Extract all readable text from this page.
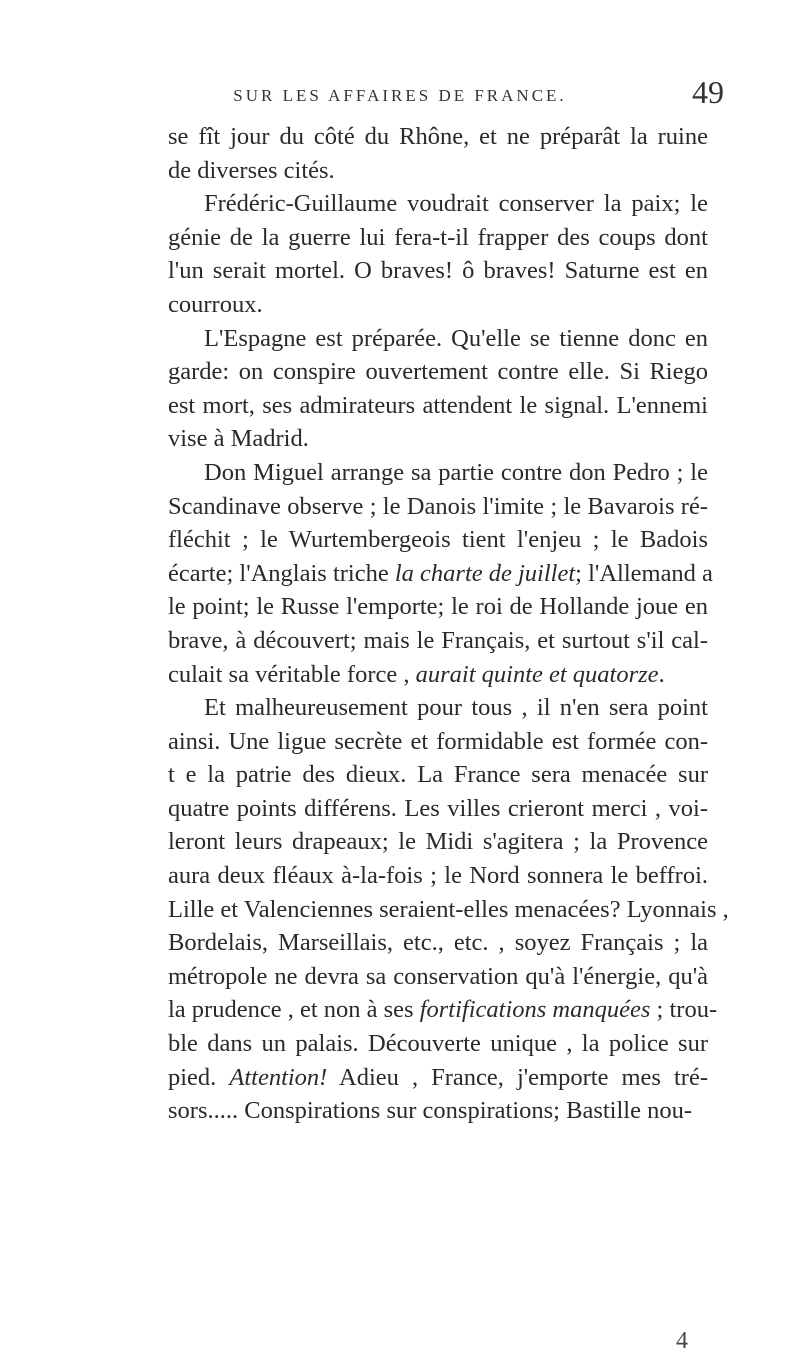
SUR LES AFFAIRES DE FRANCE.	49
se fît jour du côté du Rhône, et ne préparât la ruine
de diverses cités.
Frédéric-Guillaume voudrait conserver la paix; le
génie de la guerre lui fera-t-il frapper des coups dont
l'un serait mortel. O braves! ô braves! Saturne est en
courroux.
L'Espagne est préparée. Qu'elle se tienne donc en
garde: on conspire ouvertement contre elle. Si Riego
est mort, ses admirateurs attendent le signal. L'ennemi
vise à Madrid.
Don Miguel arrange sa partie contre don Pedro ; le
Scandinave observe ; le Danois l'imite ; le Bavarois ré-
fléchit ; le Wurtembergeois tient l'enjeu ; le Badois
écarte; l'Anglais triche la charte de juillet; l'Allemand a
le point; le Russe l'emporte; le roi de Hollande joue en
brave, à découvert; mais le Français, et surtout s'il cal-
culait sa véritable force , aurait quinte et quatorze.
Et malheureusement pour tous , il n'en sera point
ainsi. Une ligue secrète et formidable est formée con-
t e la patrie des dieux. La France sera menacée sur
quatre points différens. Les villes crieront merci , voi-
leront leurs drapeaux; le Midi s'agitera ; la Provence
aura deux fléaux à-la-fois ; le Nord sonnera le beffroi.
Lille et Valenciennes seraient-elles menacées? Lyonnais ,
Bordelais, Marseillais, etc., etc. , soyez Français ; la
métropole ne devra sa conservation qu'à l'énergie, qu'à
la prudence , et non à ses fortifications manquées ; trou-
ble dans un palais. Découverte unique , la police sur
pied. Attention! Adieu , France, j'emporte mes tré-
sors..... Conspirations sur conspirations; Bastille nou-
4
